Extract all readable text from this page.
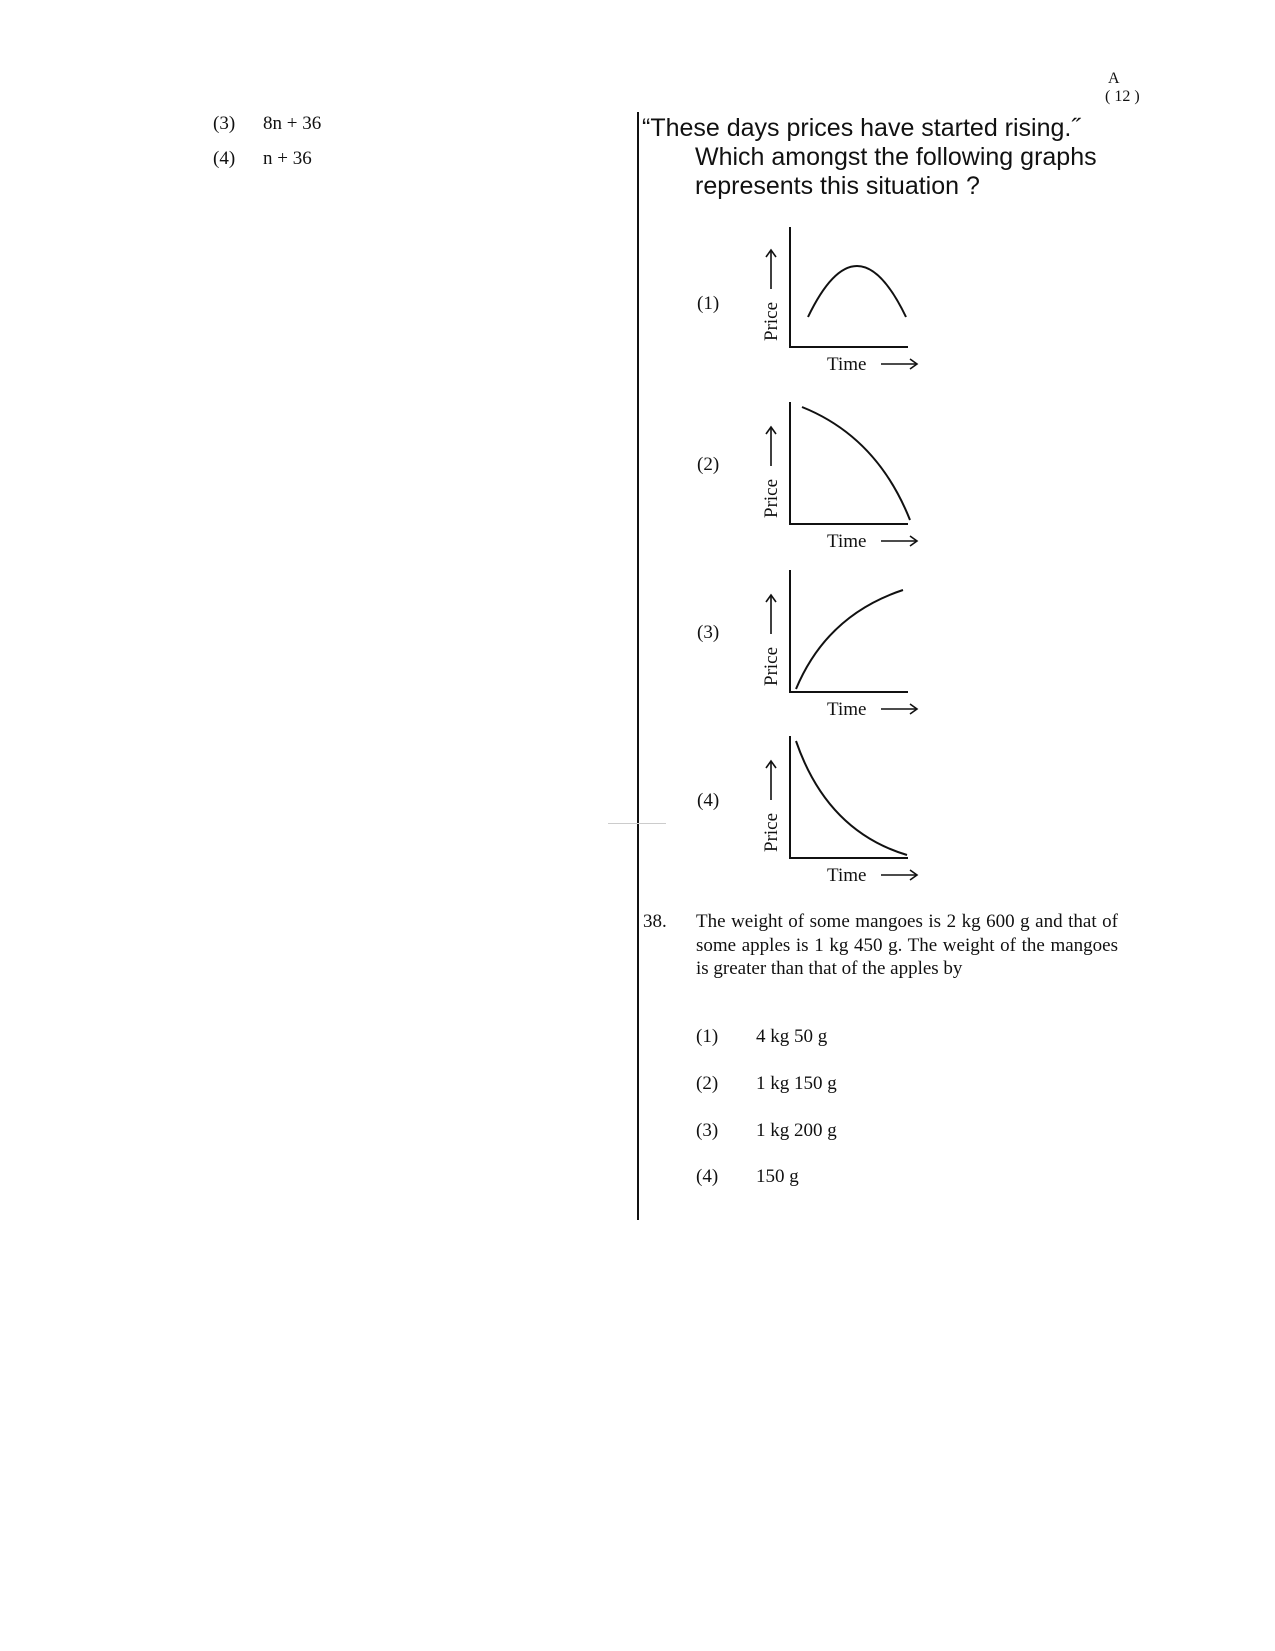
A
( 12 )
(3) 8n + 36
(4) n + 36
“These days prices have started rising.˝
Which amongst the following graphs
represents this situation ?
(1) Price
Time
(2)
Price
Time
(3)
Price
Time
(4)
Price
Time
38. The weight of some mangoes is 2 kg 600 g and that of some apples is 1 kg 450 g. The weight of the mangoes is greater than that of the apples by
(1) 4 kg 50 g
(2) 1 kg 150 g
(3) 1 kg 200 g
(4) 150 g
